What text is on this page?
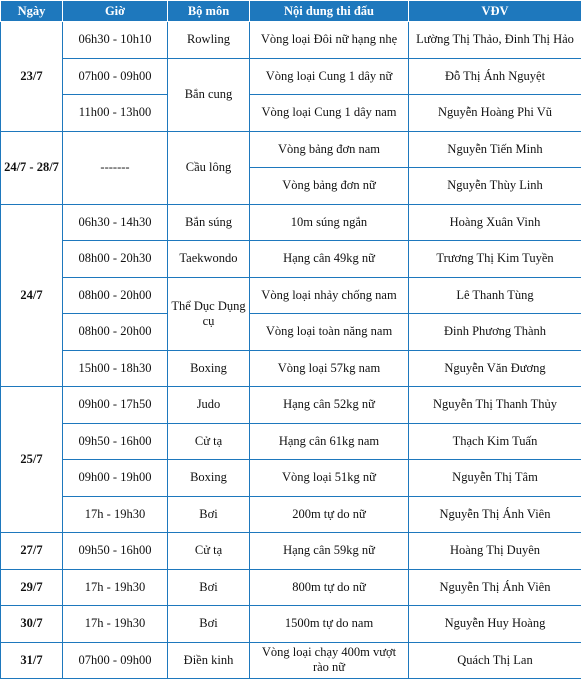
Ngày	Giờ	Bộ môn	Nội dung thi đấu	VĐV
23/7	06h30 - 10h10	Rowling	Vòng loại Đôi nữ hạng nhẹ	Lường Thị Thảo, Đinh Thị Hảo
	07h00 - 09h00	Bắn cung	Vòng loại Cung 1 dây nữ	Đỗ Thị Ánh Nguyệt
	11h00 - 13h00		Vòng loại Cung 1 dây nam	Nguyễn Hoàng Phi Vũ
24/7 - 28/7	-------	Cầu lông	Vòng bảng đơn nam	Nguyễn Tiến Minh
			Vòng bảng đơn nữ	Nguyễn Thùy Linh
24/7	06h30 - 14h30	Bắn súng	10m súng ngắn	Hoàng Xuân Vinh
	08h00 - 20h30	Taekwondo	Hạng cân 49kg nữ	Trương Thị Kim Tuyền
	08h00 - 20h00	Thể Dục Dụng cụ	Vòng loại nhảy chống nam	Lê Thanh Tùng
	08h00 - 20h00		Vòng loại toàn năng nam	Đinh Phương Thành
	15h00 - 18h30	Boxing	Vòng loại 57kg nam	Nguyễn Văn Đương
25/7	09h00 - 17h50	Judo	Hạng cân 52kg nữ	Nguyễn Thị Thanh Thủy
	09h50 - 16h00	Cử tạ	Hạng cân 61kg nam	Thạch Kim Tuấn
	09h00 - 19h00	Boxing	Vòng loại 51kg nữ	Nguyễn Thị Tâm
	17h - 19h30	Bơi	200m tự do nữ	Nguyễn Thị Ánh Viên
27/7	09h50 - 16h00	Cử tạ	Hạng cân 59kg nữ	Hoàng Thị Duyên
29/7	17h - 19h30	Bơi	800m tự do nữ	Nguyễn Thị Ánh Viên
30/7	17h - 19h30	Bơi	1500m tự do nam	Nguyễn Huy Hoàng
31/7	07h00 - 09h00	Điền kinh	Vòng loại chạy 400m vượt rào nữ	Quách Thị Lan
